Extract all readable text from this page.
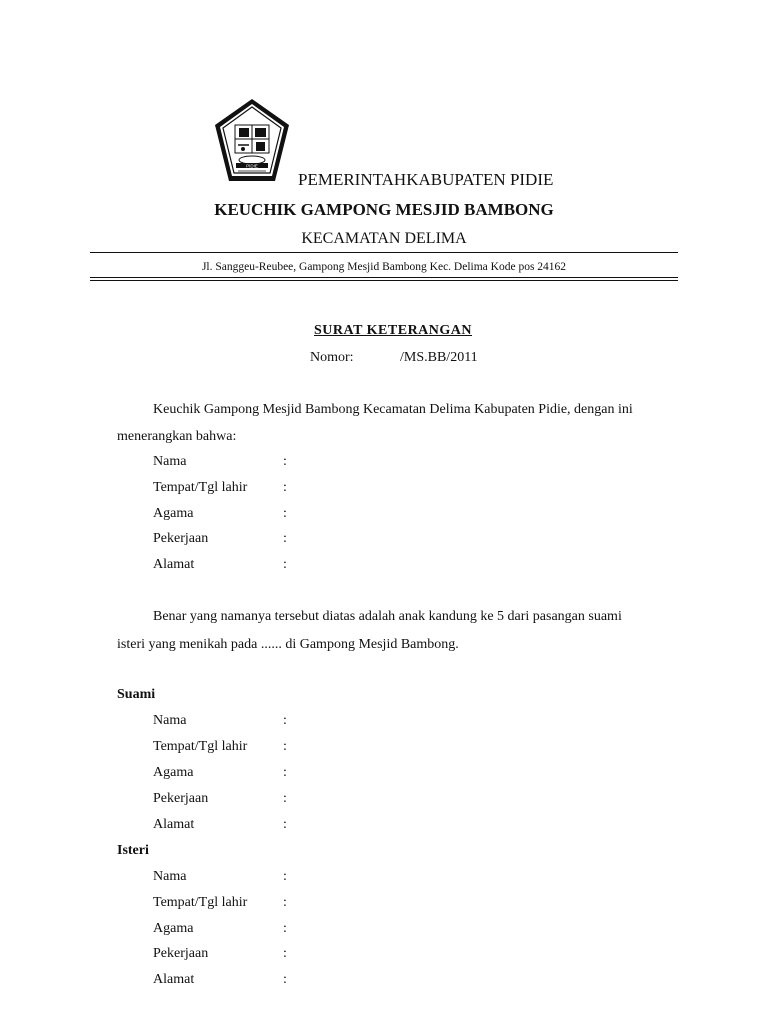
PIDIE
PEMERINTAHKABUPATEN PIDIE
KEUCHIK GAMPONG MESJID BAMBONG
KECAMATAN DELIMA
Jl. Sanggeu-Reubee, Gampong Mesjid Bambong Kec. Delima Kode pos 24162
SURAT KETERANGAN
Nomor:	/MS.BB/2011
Keuchik Gampong Mesjid Bambong Kecamatan Delima Kabupaten Pidie, dengan ini
menerangkan bahwa:
Nama	:
Tempat/Tgl lahir	:
Agama	:
Pekerjaan	:
Alamat	:
Benar yang namanya tersebut diatas adalah anak kandung ke 5 dari pasangan suami
isteri yang menikah pada ...... di Gampong Mesjid Bambong.
Suami
Nama	:
Tempat/Tgl lahir	:
Agama	:
Pekerjaan	:
Alamat	:
Isteri
Nama	:
Tempat/Tgl lahir	:
Agama	:
Pekerjaan	:
Alamat	:
